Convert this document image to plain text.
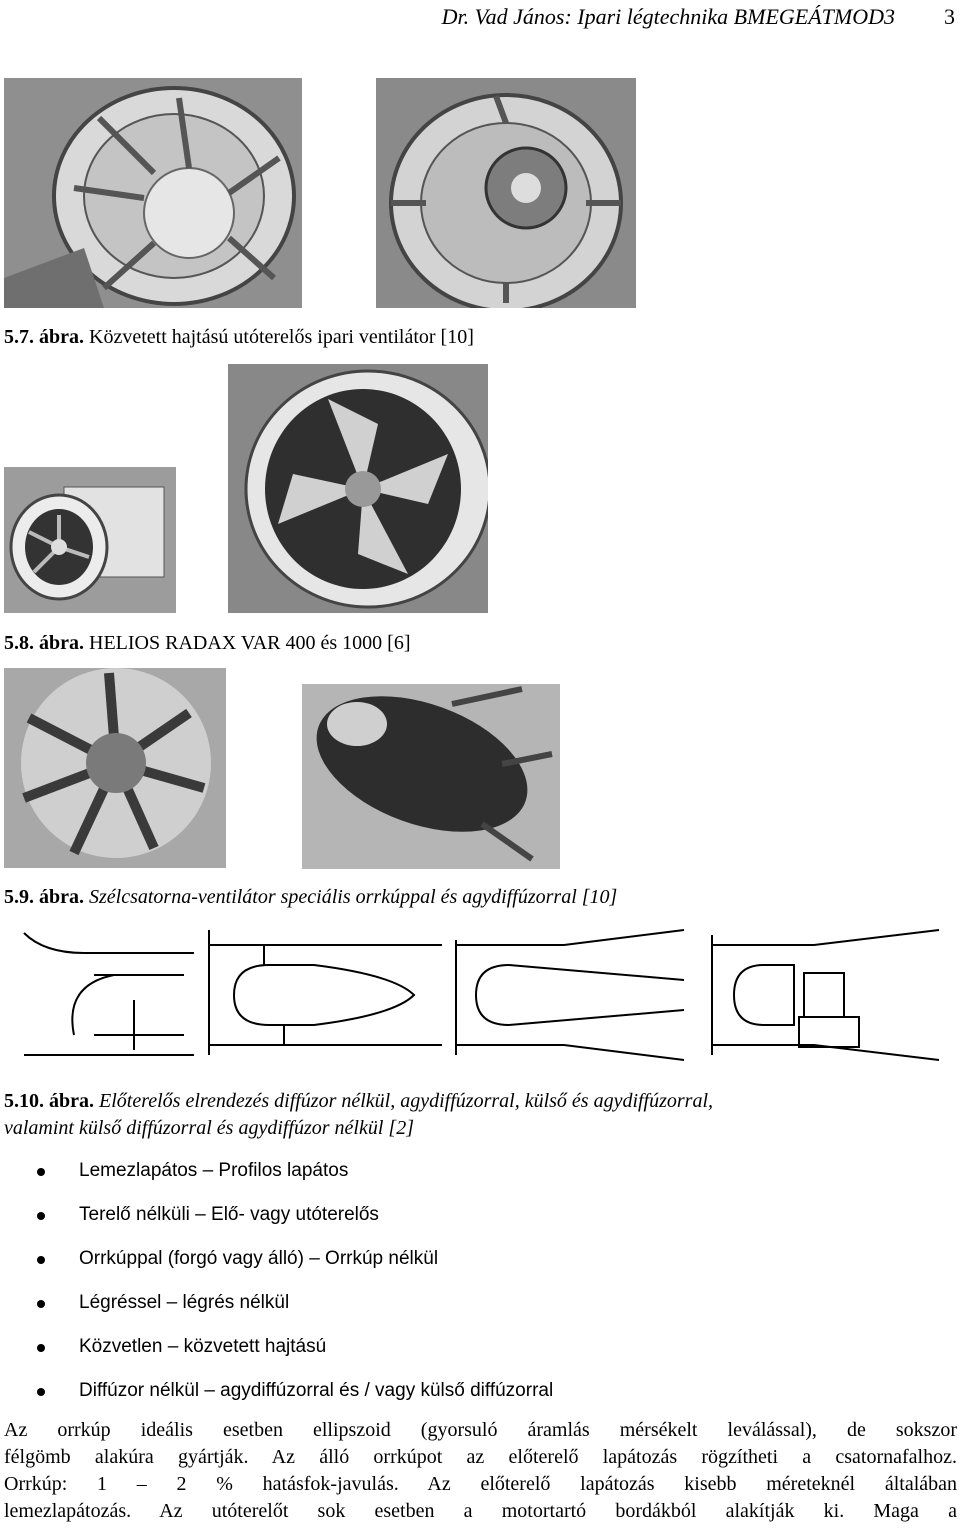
Dr. Vad János: Ipari légtechnika BMEGEÁTMOD3 3
5.7. ábra. Közvetett hajtású utóterelős ipari ventilátor [10]
5.8. ábra. HELIOS RADAX VAR 400 és 1000 [6]
5.9. ábra. Szélcsatorna-ventilátor speciális orrkúppal és agydiffúzorral [10]
5.10. ábra. Előterelős elrendezés diffúzor nélkül, agydiffúzorral, külső és agydiffúzorral,
valamint külső diffúzorral és agydiffúzor nélkül [2]
Lemezlapátos – Profilos lapátos
Terelő nélküli – Elő- vagy utóterelős
Orrkúppal (forgó vagy álló) – Orrkúp nélkül
Légréssel – légrés nélkül
Közvetlen – közvetett hajtású
Diffúzor nélkül – agydiffúzorral és / vagy külső diffúzorral

Az orrkúp ideális esetben ellipszoid (gyorsuló áramlás mérsékelt leválással), de sokszor

félgömb alakúra gyártják. Az álló orrkúpot az előterelő lapátozás rögzítheti a csatornafalhoz.

Orrkúp: 1 – 2 % hatásfok-javulás. Az előterelő lapátozás kisebb méreteknél általában

lemezlapátozás. Az utóterelőt sok esetben a motortartó bordákból alakítják ki. Maga a
